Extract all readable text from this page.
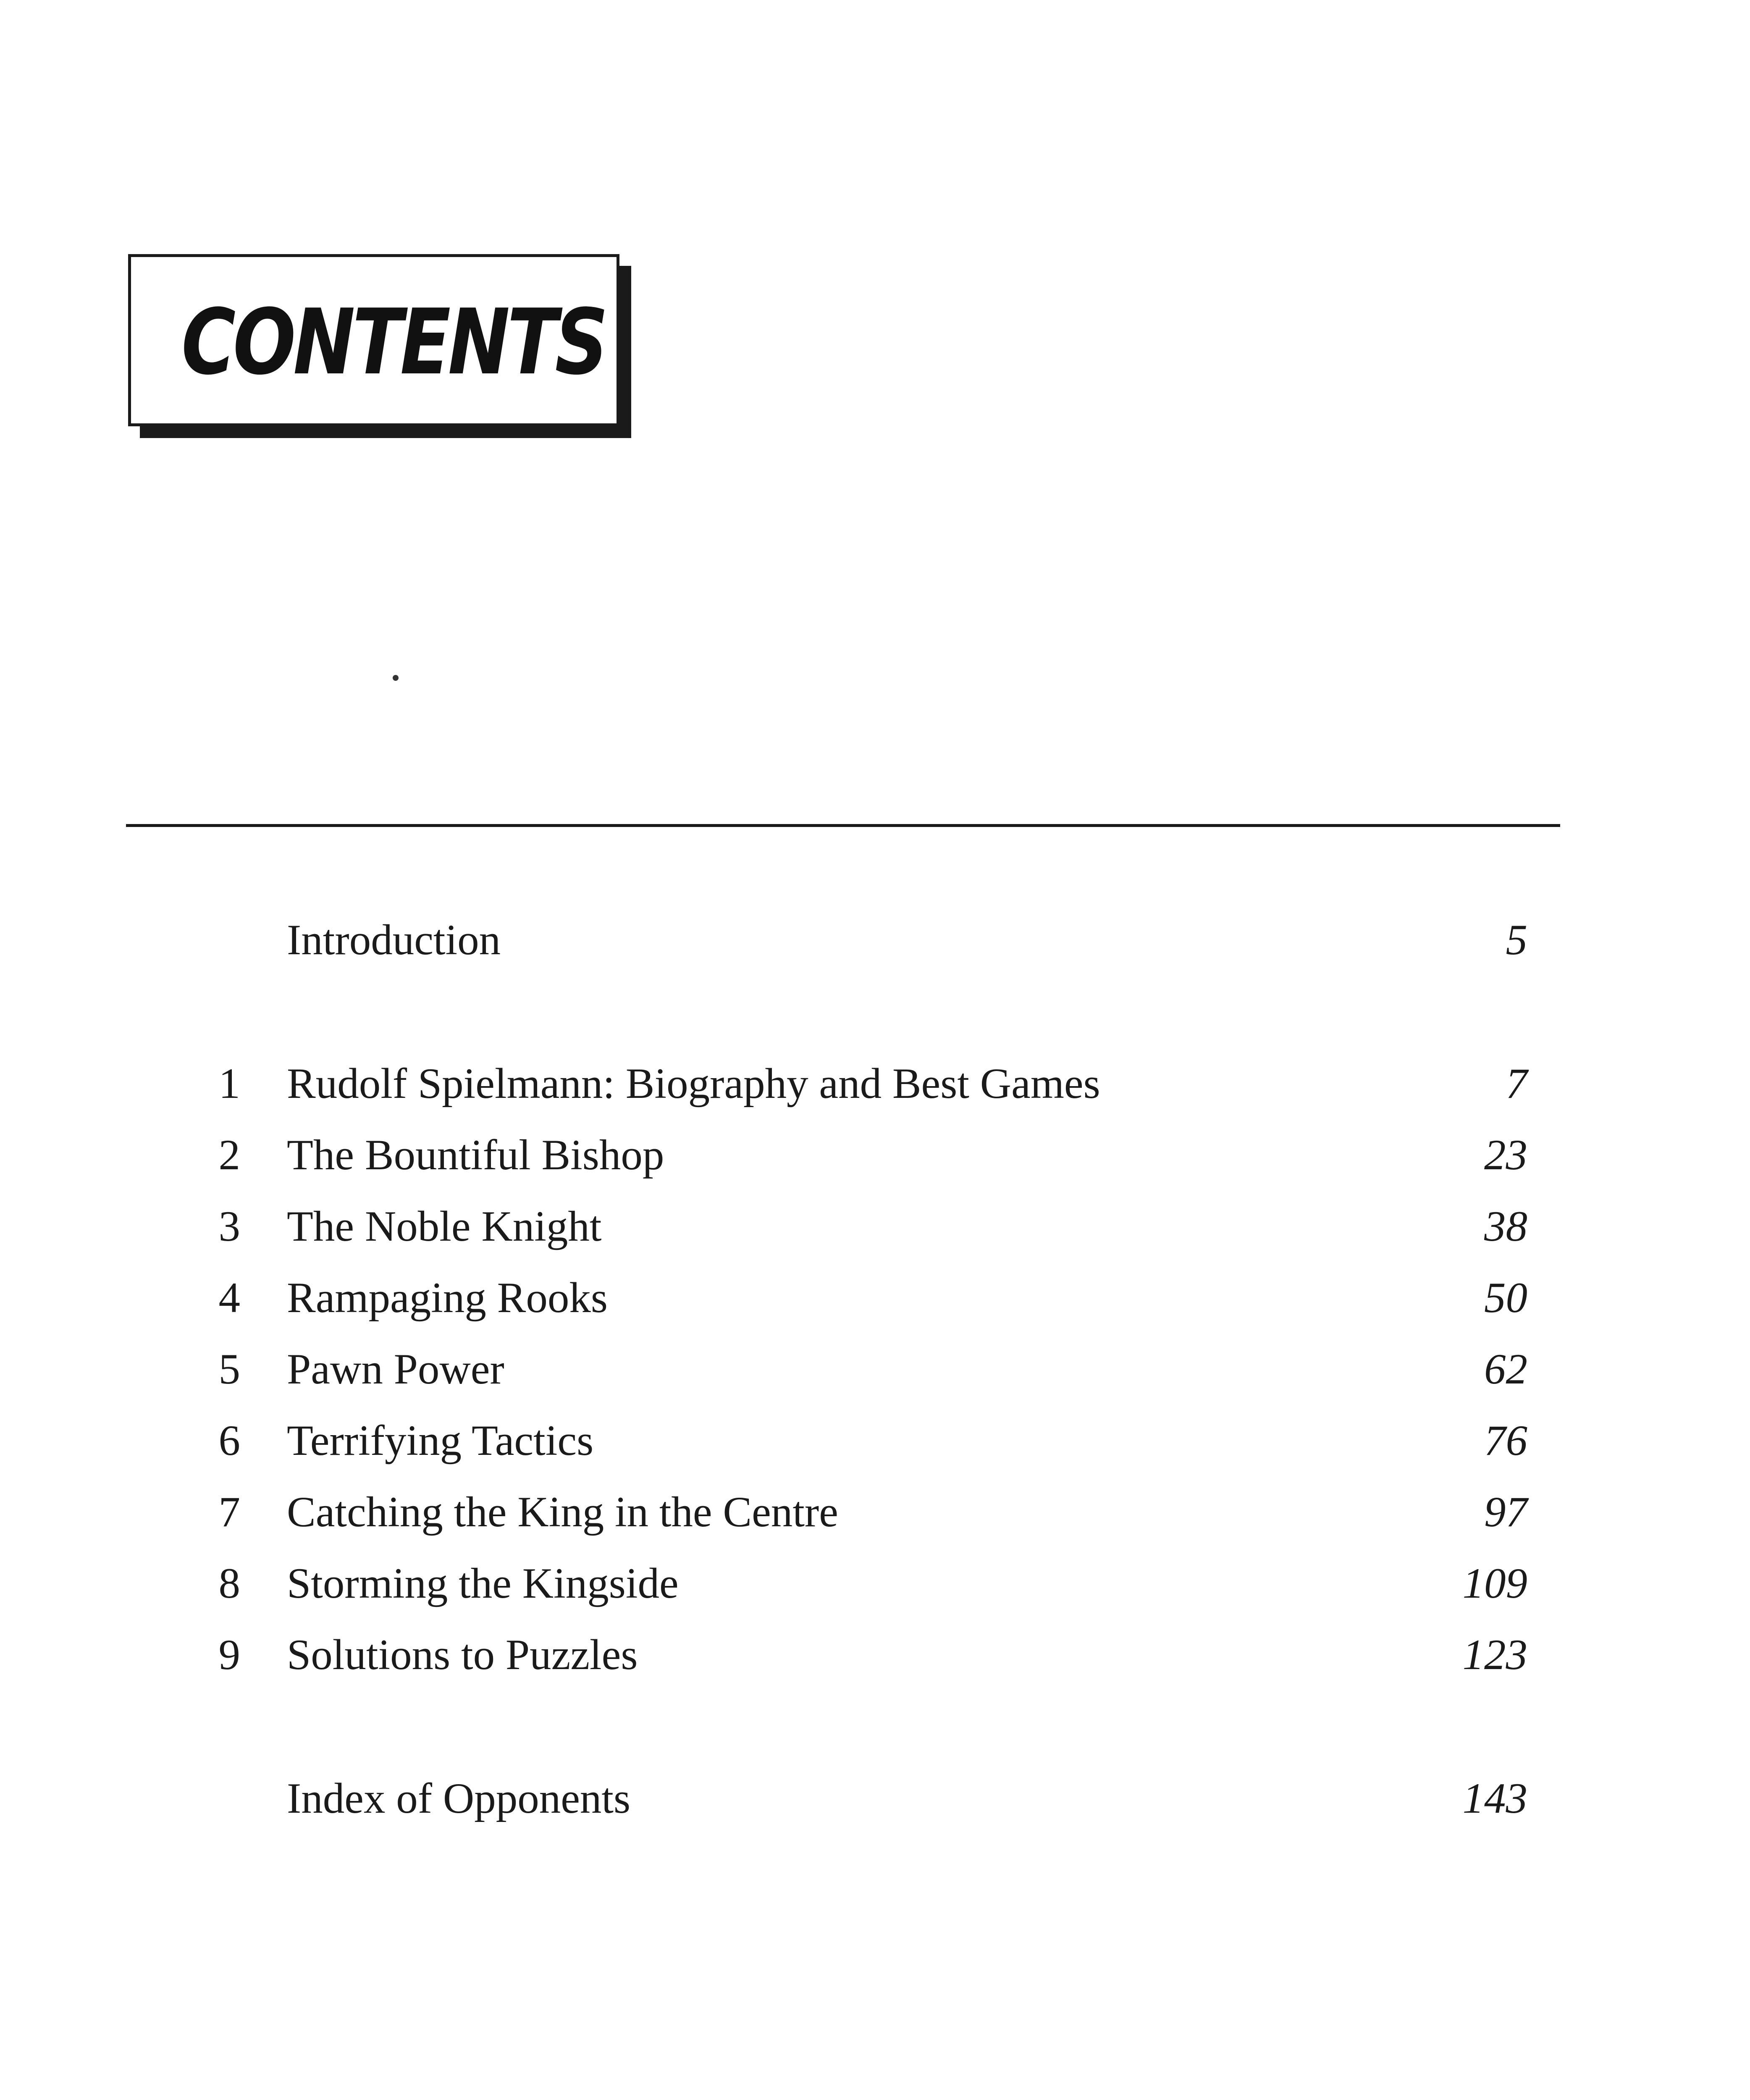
CONTENTS
Introduction	5
1 Rudolf Spielmann: Biography and Best Games	7
2 The Bountiful Bishop	23
3 The Noble Knight	38
4 Rampaging Rooks	50
5 Pawn Power	62
6 Terrifying Tactics	76
7 Catching the King in the Centre	97
8 Storming the Kingside	109
9 Solutions to Puzzles	123
Index of Opponents	143
